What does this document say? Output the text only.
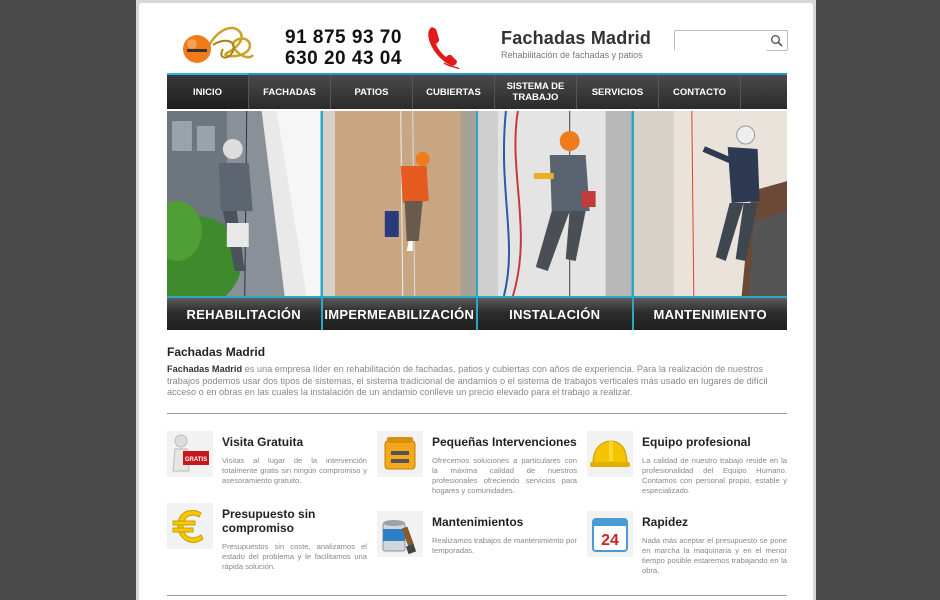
91 875 93 70
630 20 43 04
Fachadas Madrid
Rehabilitación de fachadas y patios
INICIO	FACHADAS	PATIOS	CUBIERTAS	SISTEMA DE TRABAJO	SERVICIOS	CONTACTO
REHABILITACIÓN	IMPERMEABILIZACIÓN	INSTALACIÓN	MANTENIMIENTO
Fachadas Madrid
Fachadas Madrid es una empresa líder en rehabilitación de fachadas, patios y cubiertas con años de experiencia. Para la realización de nuestros trabajos podemos usar dos tipos de sistemas, el sistema tradicional de andamios o el sistema de trabajos verticales más usado en lugares de difícil acceso o en obras en las cuales la instalación de un andamio conlleve un precio elevado para el trabajo a realizar.
GRATIS
Visita Gratuita
Visitas al lugar de la intervención totalmente gratis sin ningún compromiso y asesoramiento gratuito.
Pequeñas Intervenciones
Ofrecemos soluciones a particulares con la máxima calidad de nuestros profesionales ofreciendo servicios para hogares y comunidades.
Equipo profesional
La calidad de nuestro trabajo reside en la profesionalidad del Equipo Humano. Contamos con personal propio, estable y especializado.
Presupuesto sin compromiso
Presupuestos sin coste, analizamos el estado del problema y le facilitamos una rápida solución.
Mantenimientos
Realizamos trabajos de mantenimiento por temporadas.
24
Rapidez
Nada más aceptar el presupuesto se pone en marcha la maquinaria y en el menor tiempo posible estaremos trabajando en la obra.
